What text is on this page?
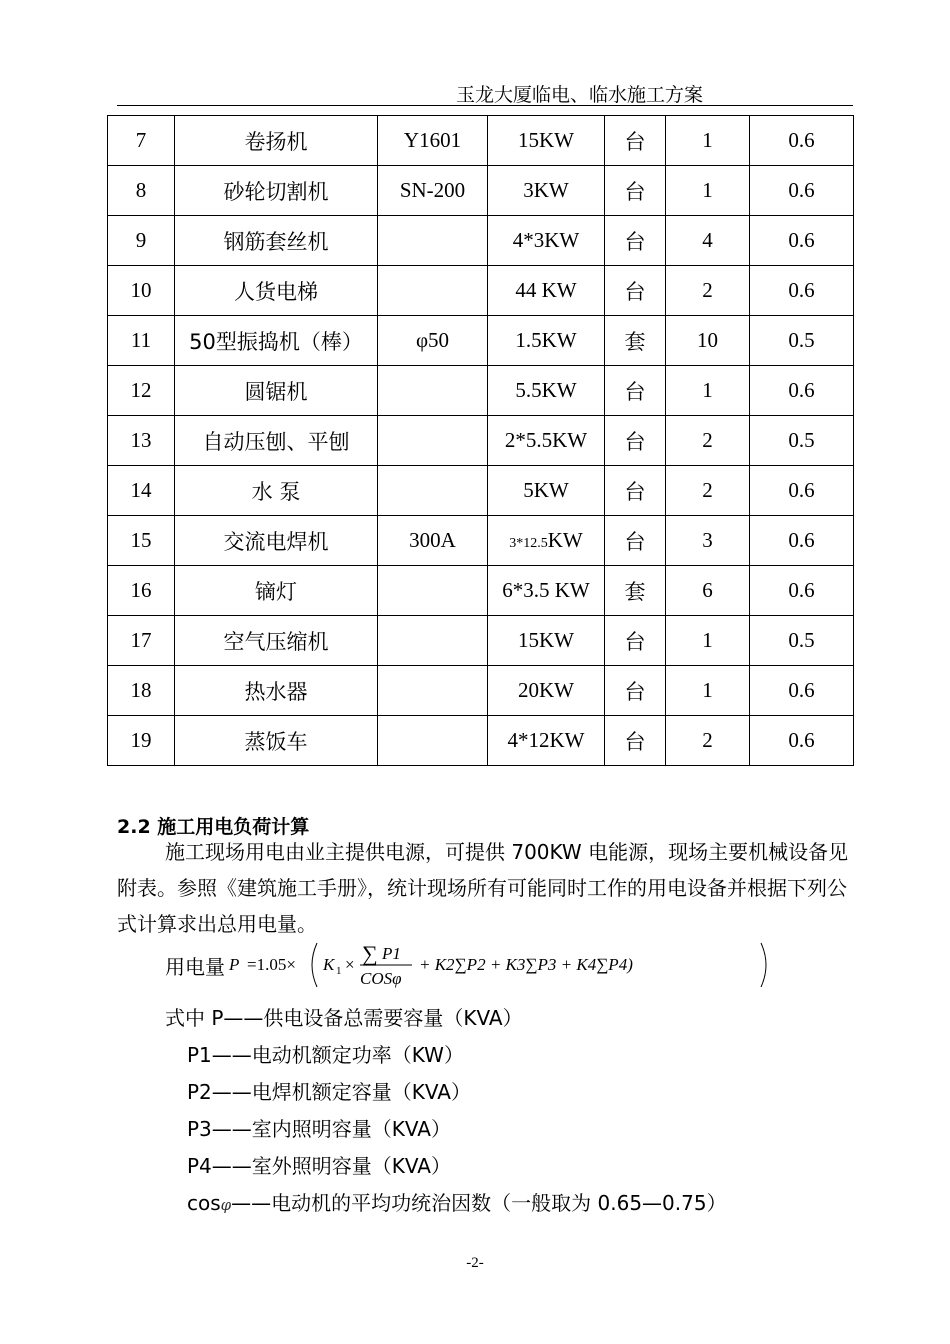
玉龙大厦临电、临水施工方案
7	卷扬机	Y1601	15KW	台	1	0.6
8	砂轮切割机	SN-200	3KW	台	1	0.6
9	钢筋套丝机		4*3KW	台	4	0.6
10	人货电梯		44 KW	台	2	0.6
11	50型振捣机（棒）	φ50	1.5KW	套	10	0.5
12	圆锯机		5.5KW	台	1	0.6
13	自动压刨、平刨		2*5.5KW	台	2	0.5
14	水 泵		5KW	台	2	0.6
15	交流电焊机	300A	3*12.5KW	台	3	0.6
16	镝灯		6*3.5 KW	套	6	0.6
17	空气压缩机		15KW	台	1	0.5
18	热水器		20KW	台	1	0.6
19	蒸饭车		4*12KW	台	2	0.6
2.2 施工用电负荷计算
施工现场用电由业主提供电源，可提供 700KW 电能源，现场主要机械设备见附表。参照《建筑施工手册》，统计现场所有可能同时工作的用电设备并根据下列公式计算求出总用电量。
用电量 P =1.05× K 1 × ∑ P1
COSφ
+ K2∑P2 + K3∑P3 + K4∑P4)
式中 P——供电设备总需要容量（KVA）
P1——电动机额定功率（KW）
P2——电焊机额定容量（KVA）
P3——室内照明容量（KVA）
P4——室外照明容量（KVA）
cosφ——电动机的平均功统治因数（一般取为 0.65—0.75）
-2-
